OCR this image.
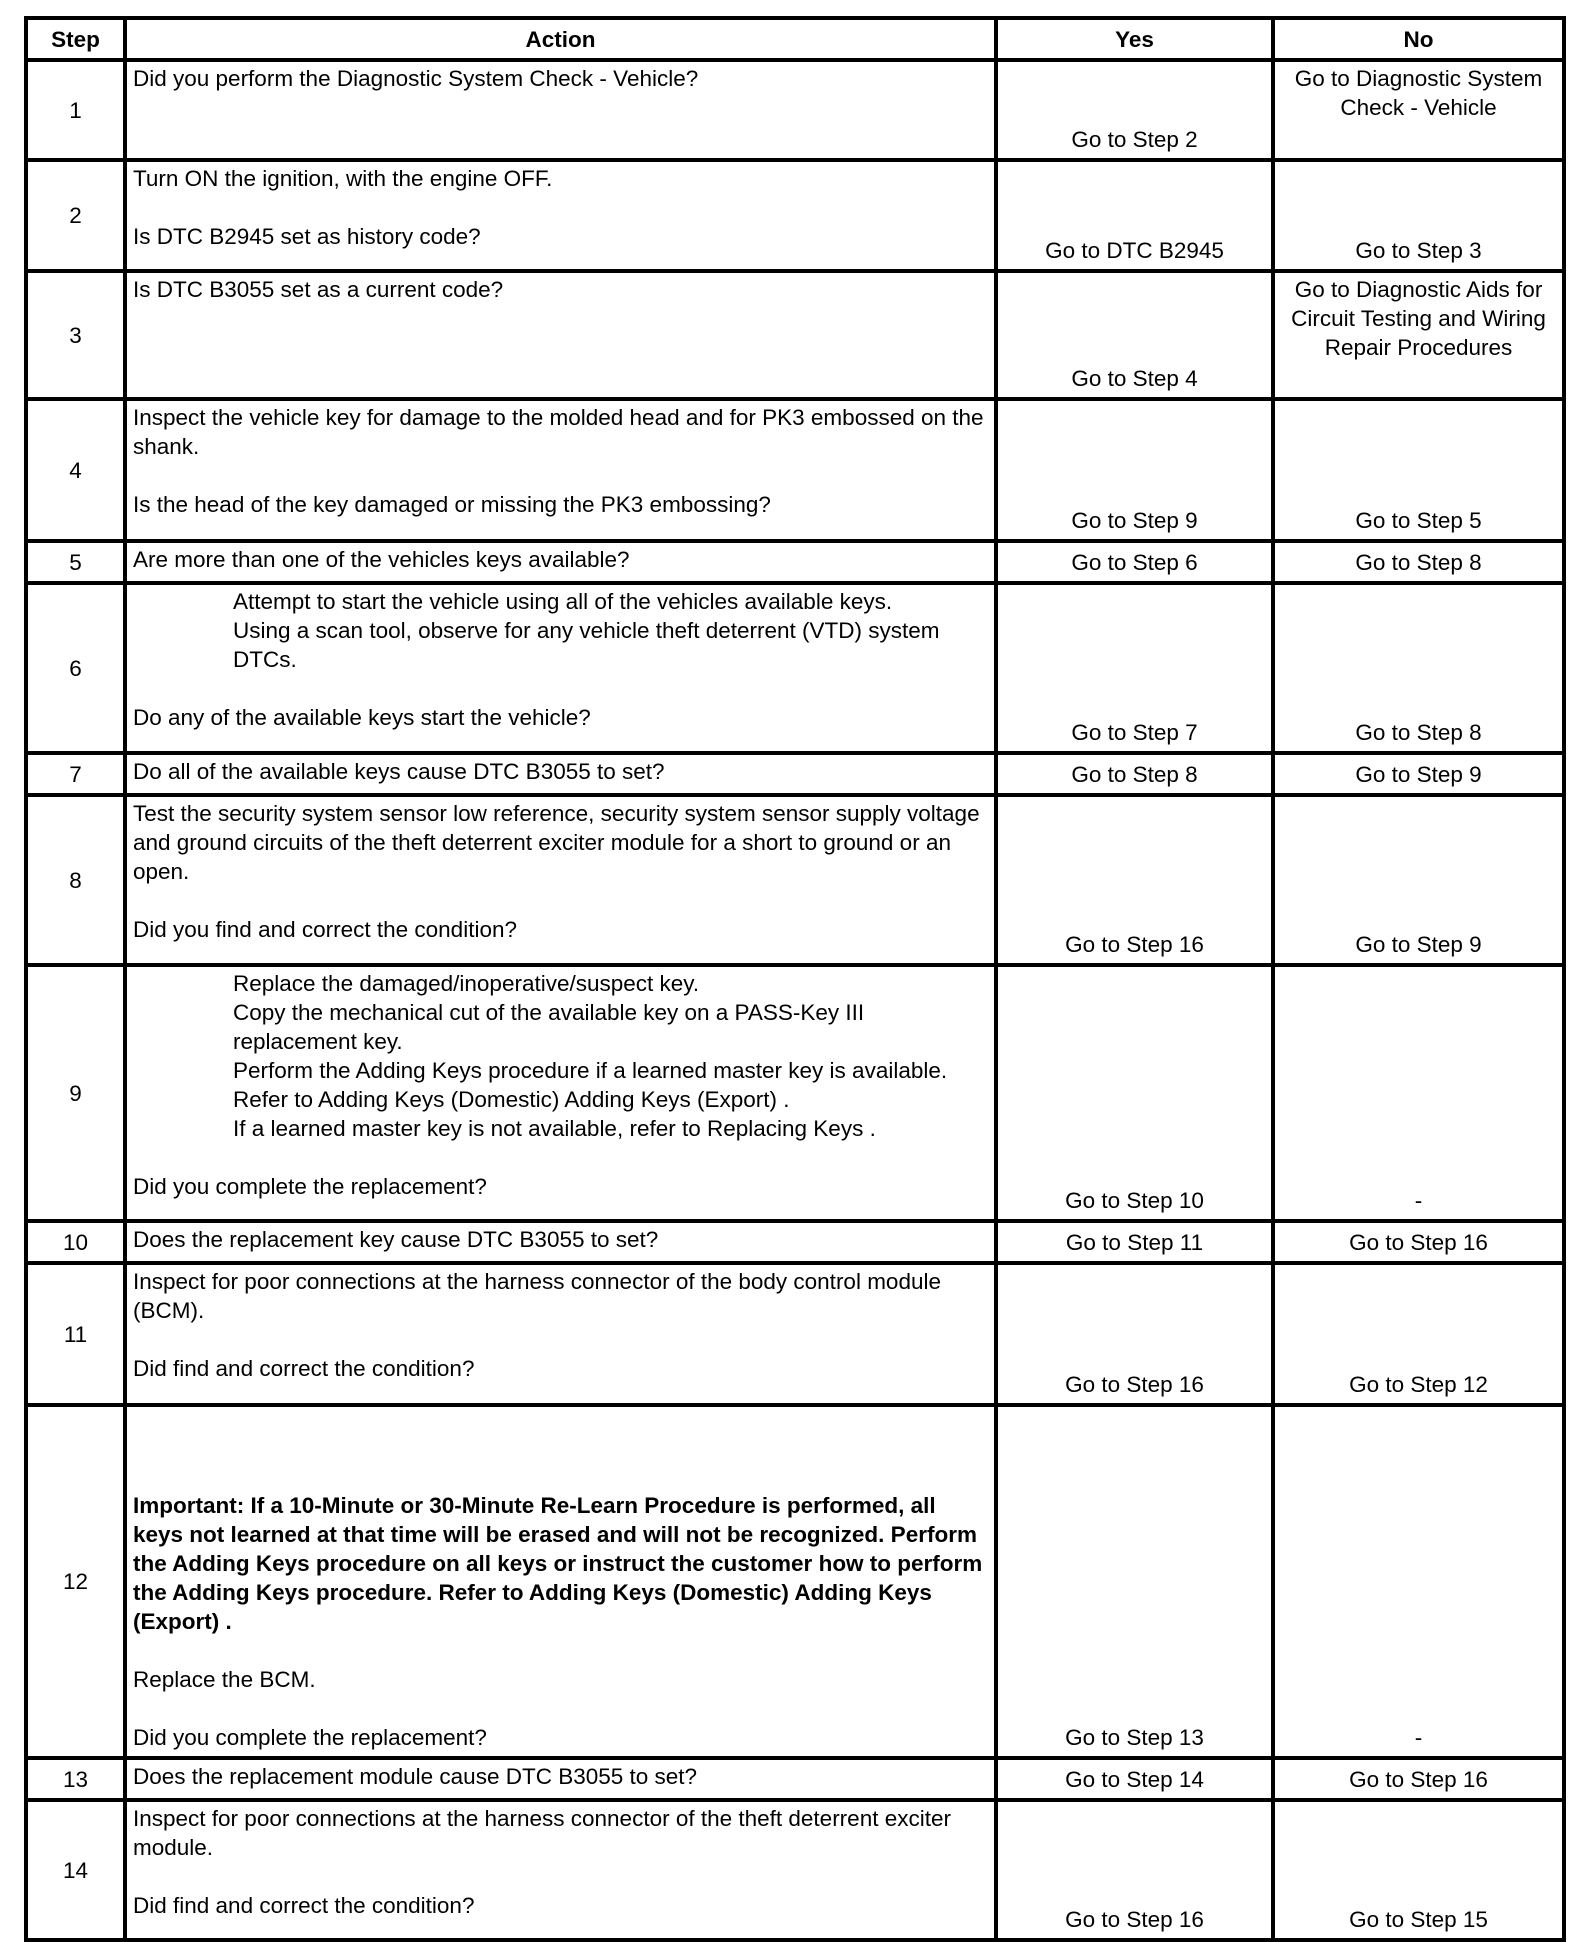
Step	Action	Yes	No
1	Did you perform the Diagnostic System Check - Vehicle?	Go to Step 2	Go to Diagnostic System Check - Vehicle
2	Turn ON the ignition, with the engine OFF.
Is DTC B2945 set as history code?	Go to DTC B2945	Go to Step 3
3	Is DTC B3055 set as a current code?	Go to Step 4	Go to Diagnostic Aids for Circuit Testing and Wiring Repair Procedures
4	Inspect the vehicle key for damage to the molded head and for PK3 embossed on the shank.
Is the head of the key damaged or missing the PK3 embossing?	Go to Step 9	Go to Step 5
5	Are more than one of the vehicles keys available?	Go to Step 6	Go to Step 8
6	Attempt to start the vehicle using all of the vehicles available keys.
Using a scan tool, observe for any vehicle theft deterrent (VTD) system DTCs.
Do any of the available keys start the vehicle?	Go to Step 7	Go to Step 8
7	Do all of the available keys cause DTC B3055 to set?	Go to Step 8	Go to Step 9
8	Test the security system sensor low reference, security system sensor supply voltage and ground circuits of the theft deterrent exciter module for a short to ground or an open.
Did you find and correct the condition?	Go to Step 16	Go to Step 9
9	Replace the damaged/inoperative/suspect key.
Copy the mechanical cut of the available key on a PASS-Key III replacement key.
Perform the Adding Keys procedure if a learned master key is available. Refer to Adding Keys (Domestic) Adding Keys (Export) .
If a learned master key is not available, refer to Replacing Keys .
Did you complete the replacement?	Go to Step 10	-
10	Does the replacement key cause DTC B3055 to set?	Go to Step 11	Go to Step 16
11	Inspect for poor connections at the harness connector of the body control module (BCM).
Did find and correct the condition?	Go to Step 16	Go to Step 12
12	Important: If a 10-Minute or 30-Minute Re-Learn Procedure is performed, all keys not learned at that time will be erased and will not be recognized. Perform the Adding Keys procedure on all keys or instruct the customer how to perform the Adding Keys procedure. Refer to Adding Keys (Domestic) Adding Keys (Export) .
Replace the BCM.
Did you complete the replacement?	Go to Step 13	-
13	Does the replacement module cause DTC B3055 to set?	Go to Step 14	Go to Step 16
14	Inspect for poor connections at the harness connector of the theft deterrent exciter module.
Did find and correct the condition?	Go to Step 16	Go to Step 15
